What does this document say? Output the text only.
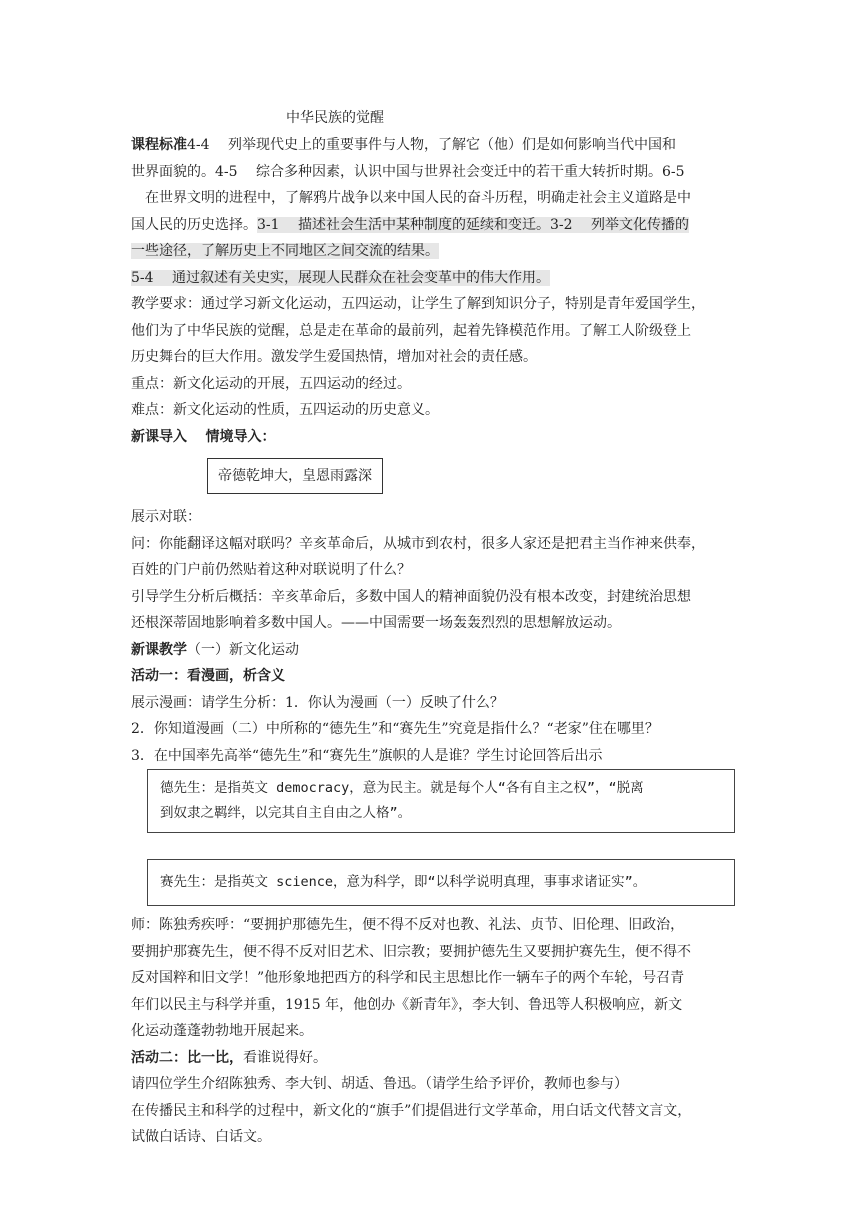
中华民族的觉醒
课程标准4-4　 列举现代史上的重要事件与人物，了解它（他）们是如何影响当代中国和
世界面貌的。4-5　 综合多种因素，认识中国与世界社会变迁中的若干重大转折时期。6-5
　在世界文明的进程中，了解鸦片战争以来中国人民的奋斗历程，明确走社会主义道路是中
国人民的历史选择。3-1　 描述社会生活中某种制度的延续和变迁。3-2　 列举文化传播的
一些途径，了解历史上不同地区之间交流的结果。
5-4　 通过叙述有关史实，展现人民群众在社会变革中的伟大作用。
教学要求：通过学习新文化运动，五四运动，让学生了解到知识分子，特别是青年爱国学生，
他们为了中华民族的觉醒，总是走在革命的最前列，起着先锋模范作用。了解工人阶级登上
历史舞台的巨大作用。激发学生爱国热情，增加对社会的责任感。
重点：新文化运动的开展，五四运动的经过。
难点：新文化运动的性质，五四运动的历史意义。
新课导入　 情境导入：
帝德乾坤大，皇恩雨露深
展示对联：
问：你能翻译这幅对联吗？辛亥革命后，从城市到农村，很多人家还是把君主当作神来供奉，
百姓的门户前仍然贴着这种对联说明了什么？
引导学生分析后概括：辛亥革命后，多数中国人的精神面貌仍没有根本改变，封建统治思想
还根深蒂固地影响着多数中国人。——中国需要一场轰轰烈烈的思想解放运动。
新课教学（一）新文化运动
活动一：看漫画，析含义
展示漫画：请学生分析：1．你认为漫画（一）反映了什么？
2．你知道漫画（二）中所称的“德先生”和“赛先生”究竟是指什么？“老家”住在哪里？
3．在中国率先高举“德先生”和“赛先生”旗帜的人是谁？学生讨论回答后出示
德先生：是指英文 democracy，意为民主。就是每个人“各有自主之权”，“脱离
到奴隶之羁绊，以完其自主自由之人格”。
赛先生：是指英文 science，意为科学，即“以科学说明真理，事事求诸证实”。
师：陈独秀疾呼：“要拥护那德先生，便不得不反对也教、礼法、贞节、旧伦理、旧政治，
要拥护那赛先生，便不得不反对旧艺术、旧宗教；要拥护德先生又要拥护赛先生，便不得不
反对国粹和旧文学！”他形象地把西方的科学和民主思想比作一辆车子的两个车轮，号召青
年们以民主与科学并重，1915 年，他创办《新青年》，李大钊、鲁迅等人积极响应，新文
化运动蓬蓬勃勃地开展起来。
活动二：比一比，看谁说得好。
请四位学生介绍陈独秀、李大钊、胡适、鲁迅。（请学生给予评价，教师也参与）
在传播民主和科学的过程中，新文化的“旗手”们提倡进行文学革命，用白话文代替文言文，
试做白话诗、白话文。
